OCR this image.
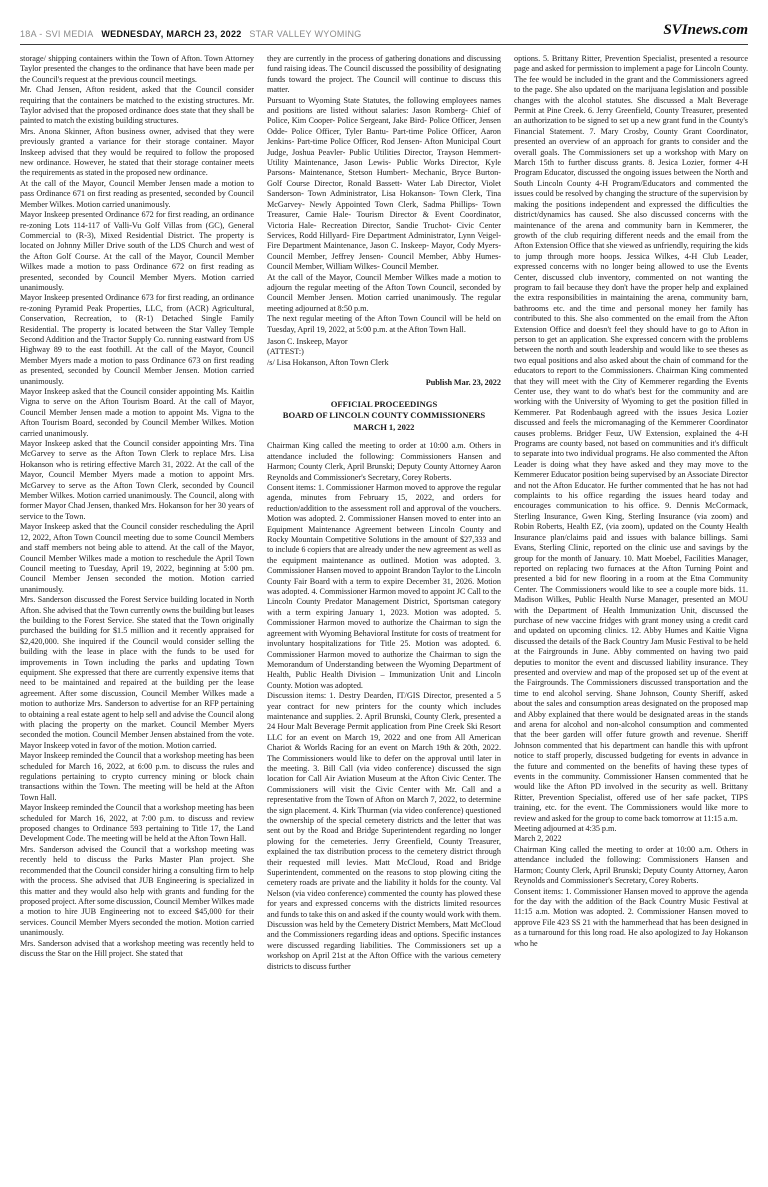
18A - SVI MEDIA WEDNESDAY, MARCH 23, 2022 STAR VALLEY WYOMING	SVInews.com

storage/ shipping containers within the Town of Afton. Town Attorney Taylor presented the changes to the ordinance that have been made per the Council's request at the previous council meetings.

Mr. Chad Jensen, Afton resident, asked that the Council consider requiring that the containers be matched to the existing structures. Mr. Taylor advised that the proposed ordinance does state that they shall be painted to match the existing building structures.

Mrs. Anona Skinner, Afton business owner, advised that they were previously granted a variance for their storage container. Mayor Inskeep advised that they would be required to follow the proposed new ordinance. However, he stated that their storage container meets the requirements as stated in the proposed new ordinance.

At the call of the Mayor, Council Member Jensen made a motion to pass Ordinance 671 on first reading as presented, seconded by Council Member Wilkes. Motion carried unanimously.

Mayor Inskeep presented Ordinance 672 for first reading, an ordinance re-zoning Lots 114-117 of Valli-Vu Golf Villas from (GC), General Commercial to (R-3), Mixed Residential District. The property is located on Johnny Miller Drive south of the LDS Church and west of the Afton Golf Course. At the call of the Mayor, Council Member Wilkes made a motion to pass Ordinance 672 on first reading as presented, seconded by Council Member Myers. Motion carried unanimously.

Mayor Inskeep presented Ordinance 673 for first reading, an ordinance re-zoning Pyramid Peak Properties, LLC, from (ACR) Agricultural, Conservation, Recreation, to (R-1) Detached Single Family Residential. The property is located between the Star Valley Temple Second Addition and the Tractor Supply Co. running eastward from US Highway 89 to the east foothill. At the call of the Mayor, Council Member Myers made a motion to pass Ordinance 673 on first reading as presented, seconded by Council Member Jensen. Motion carried unanimously.

Mayor Inskeep asked that the Council consider appointing Ms. Kaitlin Vigna to serve on the Afton Tourism Board. At the call of Mayor, Council Member Jensen made a motion to appoint Ms. Vigna to the Afton Tourism Board, seconded by Council Member Wilkes. Motion carried unanimously.

Mayor Inskeep asked that the Council consider appointing Mrs. Tina McGarvey to serve as the Afton Town Clerk to replace Mrs. Lisa Hokanson who is retiring effective March 31, 2022. At the call of the Mayor, Council Member Myers made a motion to appoint Mrs. McGarvey to serve as the Afton Town Clerk, seconded by Council Member Wilkes. Motion carried unanimously. The Council, along with former Mayor Chad Jensen, thanked Mrs. Hokanson for her 30 years of service to the Town.

Mayor Inskeep asked that the Council consider rescheduling the April 12, 2022, Afton Town Council meeting due to some Council Members and staff members not being able to attend. At the call of the Mayor, Council Member Wilkes made a motion to reschedule the April Town Council meeting to Tuesday, April 19, 2022, beginning at 5:00 pm. Council Member Jensen seconded the motion. Motion carried unanimously.

Mrs. Sanderson discussed the Forest Service building located in North Afton. She advised that the Town currently owns the building but leases the building to the Forest Service. She stated that the Town originally purchased the building for $1.5 million and it recently appraised for $2,420,000. She inquired if the Council would consider selling the building with the lease in place with the funds to be used for improvements in Town including the parks and updating Town equipment. She expressed that there are currently expensive items that need to be maintained and repaired at the building per the lease agreement. After some discussion, Council Member Wilkes made a motion to authorize Mrs. Sanderson to advertise for an RFP pertaining to obtaining a real estate agent to help sell and advise the Council along with placing the property on the market. Council Member Myers seconded the motion. Council Member Jensen abstained from the vote. Mayor Inskeep voted in favor of the motion. Motion carried.

Mayor Inskeep reminded the Council that a workshop meeting has been scheduled for March 16, 2022, at 6:00 p.m. to discuss the rules and regulations pertaining to crypto currency mining or block chain transactions within the Town. The meeting will be held at the Afton Town Hall.

Mayor Inskeep reminded the Council that a workshop meeting has been scheduled for March 16, 2022, at 7:00 p.m. to discuss and review proposed changes to Ordinance 593 pertaining to Title 17, the Land Development Code. The meeting will be held at the Afton Town Hall.

Mrs. Sanderson advised the Council that a workshop meeting was recently held to discuss the Parks Master Plan project. She recommended that the Council consider hiring a consulting firm to help with the process. She advised that JUB Engineering is specialized in this matter and they would also help with grants and funding for the proposed project. After some discussion, Council Member Wilkes made a motion to hire JUB Engineering not to exceed $45,000 for their services. Council Member Myers seconded the motion. Motion carried unanimously.

Mrs. Sanderson advised that a workshop meeting was recently held to discuss the Star on the Hill project. She stated that

they are currently in the process of gathering donations and discussing fund raising ideas. The Council discussed the possibility of designating funds toward the project. The Council will continue to discuss this matter.

Pursuant to Wyoming State Statutes, the following employees names and positions are listed without salaries: Jason Romberg- Chief of Police, Kim Cooper- Police Sergeant, Jake Bird- Police Officer, Jensen Odde- Police Officer, Tyler Bantu- Part-time Police Officer, Aaron Jenkins- Part-time Police Officer, Rod Jensen- Afton Municipal Court Judge, Joshua Peavler- Public Utilities Director, Trayson Hemmert- Utility Maintenance, Jason Lewis- Public Works Director, Kyle Parsons- Maintenance, Stetson Humbert- Mechanic, Bryce Burton- Golf Course Director, Ronald Bassett- Water Lab Director, Violet Sanderson- Town Administrator, Lisa Hokanson- Town Clerk, Tina McGarvey- Newly Appointed Town Clerk, Sadma Phillips- Town Treasurer, Camie Hale- Tourism Director & Event Coordinator, Victoria Hale- Recreation Director, Sandie Truchot- Civic Center Services, Rodd Hillyard- Fire Department Administrator, Lynn Veigel- Fire Department Maintenance, Jason C. Inskeep- Mayor, Cody Myers- Council Member, Jeffrey Jensen- Council Member, Abby Humes- Council Member, William Wilkes- Council Member.

At the call of the Mayor, Council Member Wilkes made a motion to adjourn the regular meeting of the Afton Town Council, seconded by Council Member Jensen. Motion carried unanimously. The regular meeting adjourned at 8:50 p.m.

The next regular meeting of the Afton Town Council will be held on Tuesday, April 19, 2022, at 5:00 p.m. at the Afton Town Hall.

Jason C. Inskeep, Mayor

(ATTEST:)

/s/ Lisa Hokanson, Afton Town Clerk

Publish Mar. 23, 2022

OFFICIAL PROCEEDINGS

BOARD OF LINCOLN COUNTY COMMISSIONERS

MARCH 1, 2022

Chairman King called the meeting to order at 10:00 a.m. Others in attendance included the following: Commissioners Hansen and Harmon; County Clerk, April Brunski; Deputy County Attorney Aaron Reynolds and Commissioner's Secretary, Corey Roberts.

Consent items: 1. Commissioner Harmon moved to approve the regular agenda, minutes from February 15, 2022, and orders for reduction/addition to the assessment roll and approval of the vouchers. Motion was adopted. 2. Commissioner Hansen moved to enter into an Equipment Maintenance Agreement between Lincoln County and Rocky Mountain Competitive Solutions in the amount of $27,333 and to include 6 copiers that are already under the new agreement as well as the equipment maintenance as outlined. Motion was adopted. 3. Commissioner Hansen moved to appoint Brandon Taylor to the Lincoln County Fair Board with a term to expire December 31, 2026. Motion was adopted. 4. Commissioner Harmon moved to appoint JC Call to the Lincoln County Predator Management District, Sportsman category with a term expiring January 1, 2023. Motion was adopted. 5. Commissioner Harmon moved to authorize the Chairman to sign the agreement with Wyoming Behavioral Institute for costs of treatment for involuntary hospitalizations for Title 25. Motion was adopted. 6. Commissioner Harmon moved to authorize the Chairman to sign the Memorandum of Understanding between the Wyoming Department of Health, Public Health Division – Immunization Unit and Lincoln County. Motion was adopted.

Discussion items: 1. Destry Dearden, IT/GIS Director, presented a 5 year contract for new printers for the county which includes maintenance and supplies. 2. April Brunski, County Clerk, presented a 24 Hour Malt Beverage Permit application from Pine Creek Ski Resort LLC for an event on March 19, 2022 and one from All American Chariot & Worlds Racing for an event on March 19th & 20th, 2022. The Commissioners would like to defer on the approval until later in the meeting. 3. Bill Call (via video conference) discussed the sign location for Call Air Aviation Museum at the Afton Civic Center. The Commissioners will visit the Civic Center with Mr. Call and a representative from the Town of Afton on March 7, 2022, to determine the sign placement. 4. Kirk Thurman (via video conference) questioned the ownership of the special cemetery districts and the letter that was sent out by the Road and Bridge Superintendent regarding no longer plowing for the cemeteries. Jerry Greenfield, County Treasurer, explained the tax distribution process to the cemetery district through their requested mill levies. Matt McCloud, Road and Bridge Superintendent, commented on the reasons to stop plowing citing the cemetery roads are private and the liability it holds for the county. Val Nelson (via video conference) commented the county has plowed these for years and expressed concerns with the districts limited resources and funds to take this on and asked if the county would work with them. Discussion was held by the Cemetery District Members, Matt McCloud and the Commissioners regarding ideas and options. Specific instances were discussed regarding liabilities. The Commissioners set up a workshop on April 21st at the Afton Office with the various cemetery districts to discuss further

options. 5. Brittany Ritter, Prevention Specialist, presented a resource page and asked for permission to implement a page for Lincoln County. The fee would be included in the grant and the Commissioners agreed to the page. She also updated on the marijuana legislation and possible changes with the alcohol statutes. She discussed a Malt Beverage Permit at Pine Creek. 6. Jerry Greenfield, County Treasurer, presented an authorization to be signed to set up a new grant fund in the County's Financial Statement. 7. Mary Crosby, County Grant Coordinator, presented an overview of an approach for grants to consider and the overall goals. The Commissioners set up a workshop with Mary on March 15th to further discuss grants. 8. Jesica Lozier, former 4-H Program Educator, discussed the ongoing issues between the North and South Lincoln County 4-H Program/Educators and commented the issues could be resolved by changing the structure of the supervision by making the positions independent and expressed the difficulties the district/dynamics has caused. She also discussed concerns with the maintenance of the arena and community barn in Kemmerer, the growth of the club requiring different needs and the email from the Afton Extension Office that she viewed as unfriendly, requiring the kids to jump through more hoops. Jessica Wilkes, 4-H Club Leader, expressed concerns with no longer being allowed to use the Events Center, discussed club inventory, commented on not wanting the program to fail because they don't have the proper help and explained the extra responsibilities in maintaining the arena, community barn, bathrooms etc. and the time and personal money her family has contributed to this. She also commented on the email from the Afton Extension Office and doesn't feel they should have to go to Afton in person to get an application. She expressed concern with the problems between the north and south leadership and would like to see theses as two equal positions and also asked about the chain of command for the educators to report to the Commissioners. Chairman King commented that they will meet with the City of Kemmerer regarding the Events Center use, they want to do what's best for the community and are working with the University of Wyoming to get the position filled in Kemmerer. Pat Rodenbaugh agreed with the issues Jesica Lozier discussed and feels the micromanaging of the Kemmerer Coordinator causes problems. Bridger Feuz, UW Extension, explained the 4-H Programs are county based, not based on communities and it's difficult to separate into two individual programs. He also commented the Afton Leader is doing what they have asked and they may move to the Kemmerer Educator position being supervised by an Associate Director and not the Afton Educator. He further commented that he has not had complaints to his office regarding the issues heard today and encourages communication to his office. 9. Dennis McCormack, Sterling Insurance, Gwen King, Sterling Insurance (via zoom) and Robin Roberts, Health EZ, (via zoom), updated on the County Health Insurance plan/claims paid and issues with balance billings. Sami Evans, Sterling Clinic, reported on the clinic use and savings by the group for the month of January. 10. Matt Moebel, Facilities Manager, reported on replacing two furnaces at the Afton Turning Point and presented a bid for new flooring in a room at the Etna Community Center. The Commissioners would like to see a couple more bids. 11. Madison Wilkes, Public Health Nurse Manager, presented an MOU with the Department of Health Immunization Unit, discussed the purchase of new vaccine fridges with grant money using a credit card and updated on upcoming clinics. 12. Abby Humes and Kaitie Vigna discussed the details of the Back Country Jam Music Festival to be held at the Fairgrounds in June. Abby commented on having two paid deputies to monitor the event and discussed liability insurance. They presented and overview and map of the proposed set up of the event at the Fairgrounds. The Commissioners discussed transportation and the time to end alcohol serving. Shane Johnson, County Sheriff, asked about the sales and consumption areas designated on the proposed map and Abby explained that there would be designated areas in the stands and arena for alcohol and non-alcohol consumption and commented that the beer garden will offer future growth and revenue. Sheriff Johnson commented that his department can handle this with upfront notice to staff properly, discussed budgeting for events in advance in the future and commented on the benefits of having these types of events in the community. Commissioner Hansen commented that he would like the Afton PD involved in the security as well. Brittany Ritter, Prevention Specialist, offered use of her safe packet, TIPS training, etc. for the event. The Commissioners would like more to review and asked for the group to come back tomorrow at 11:15 a.m.

Meeting adjourned at 4:35 p.m.

March 2, 2022

Chairman King called the meeting to order at 10:00 a.m. Others in attendance included the following: Commissioners Hansen and Harmon; County Clerk, April Brunski; Deputy County Attorney, Aaron Reynolds and Commissioner's Secretary, Corey Roberts.

Consent items: 1. Commissioner Hansen moved to approve the agenda for the day with the addition of the Back Country Music Festival at 11:15 a.m. Motion was adopted. 2. Commissioner Hansen moved to approve File 423 SS 21 with the hammerhead that has been designed in as a turnaround for this long road. He also apologized to Jay Hokanson who he
